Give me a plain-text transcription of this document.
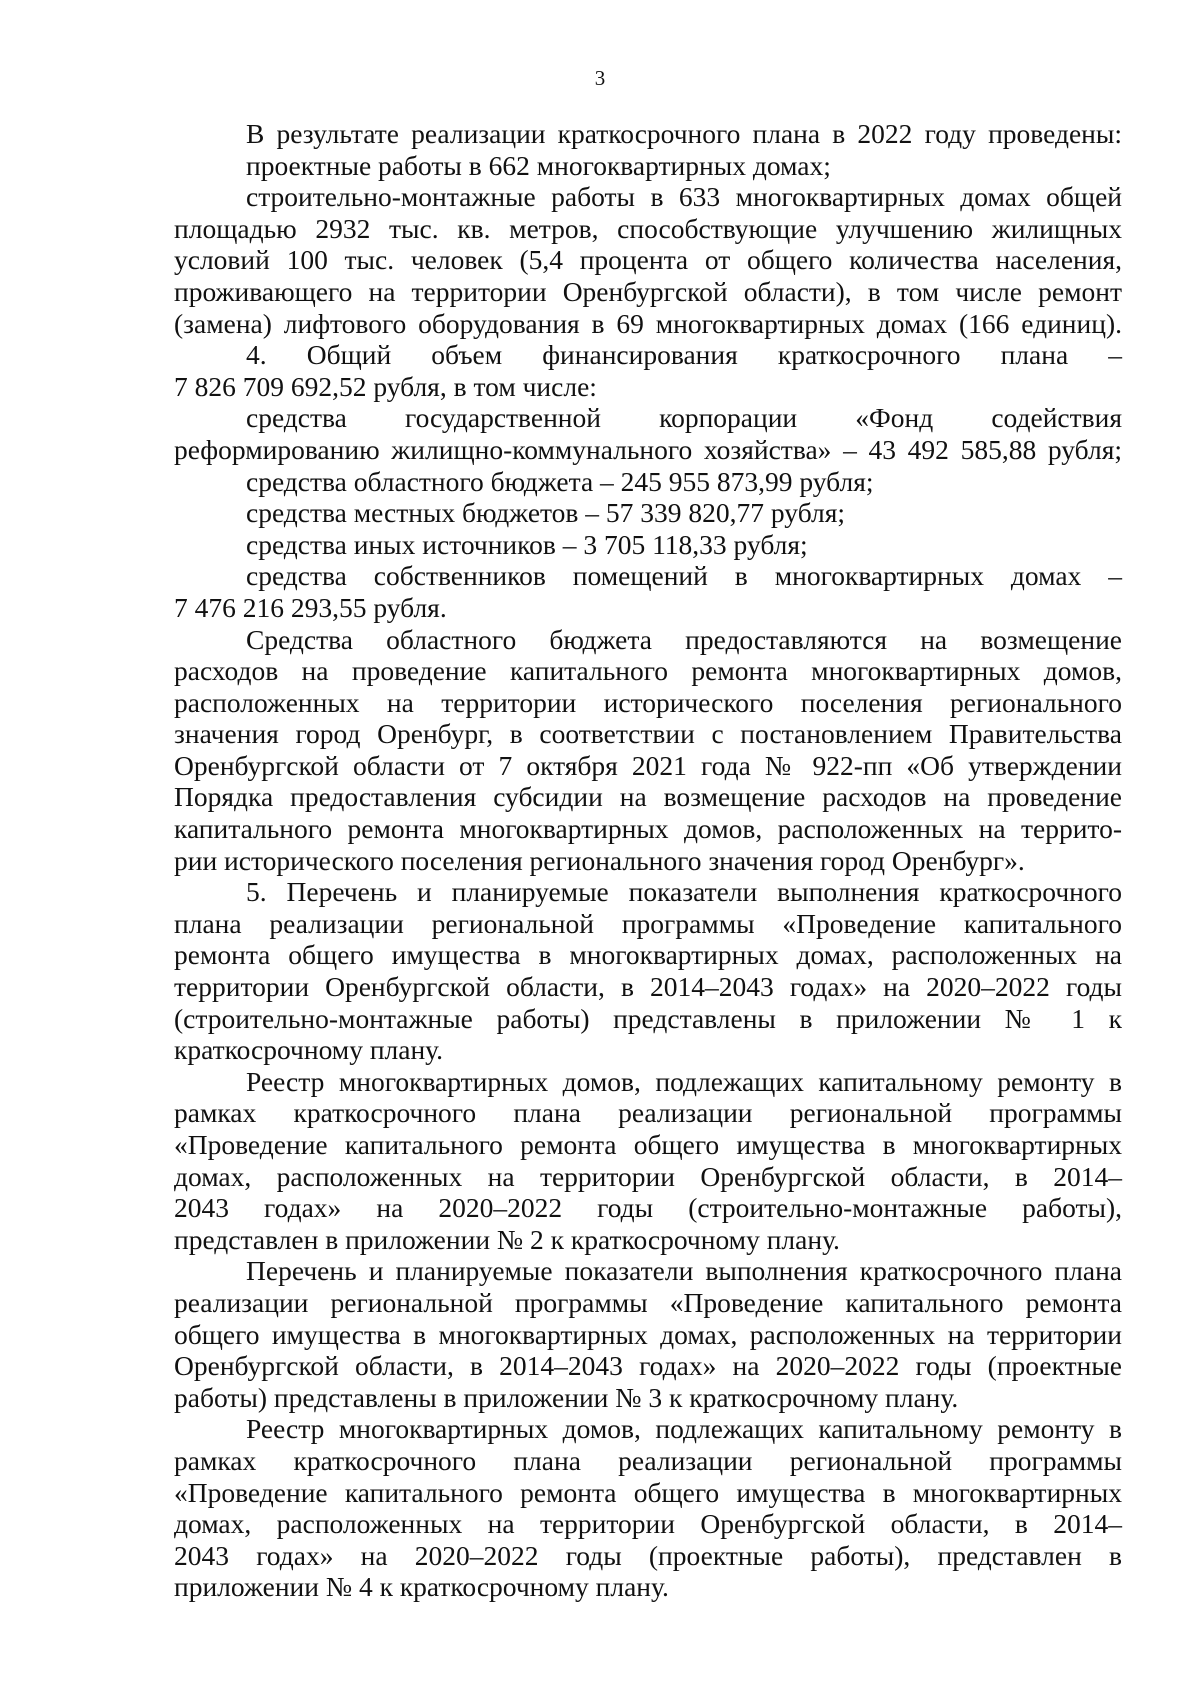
3
В результате реализации краткосрочного плана в 2022 году проведены:
проектные работы в 662 многоквартирных домах;
строительно-монтажные работы в 633 многоквартирных домах общей
площадью 2932 тыс. кв. метров, способствующие улучшению жилищных
условий 100 тыс. человек (5,4 процента от общего количества населения,
проживающего на территории Оренбургской области), в том числе ремонт
(замена) лифтового оборудования в 69 многоквартирных домах (166 единиц).
4. Общий объем финансирования краткосрочного плана –
7 826 709 692,52 рубля, в том числе:
средства государственной корпорации «Фонд содействия
реформированию жилищно-коммунального хозяйства» – 43 492 585,88 рубля;
средства областного бюджета – 245 955 873,99 рубля;
средства местных бюджетов – 57 339 820,77 рубля;
средства иных источников – 3 705 118,33 рубля;
средства собственников помещений в многоквартирных домах –
7 476 216 293,55 рубля.
Средства областного бюджета предоставляются на возмещение
расходов на проведение капитального ремонта многоквартирных домов,
расположенных на территории исторического поселения регионального
значения город Оренбург, в соответствии с постановлением Правительства
Оренбургской области от 7 октября 2021 года № 922-пп «Об утверждении
Порядка предоставления субсидии на возмещение расходов на проведение
капитального ремонта многоквартирных домов, расположенных на террито-
рии исторического поселения регионального значения город Оренбург».
5. Перечень и планируемые показатели выполнения краткосрочного
плана реализации региональной программы «Проведение капитального
ремонта общего имущества в многоквартирных домах, расположенных на
территории Оренбургской области, в 2014–2043 годах» на 2020–2022 годы
(строительно-монтажные работы) представлены в приложении № 1 к
краткосрочному плану.
Реестр многоквартирных домов, подлежащих капитальному ремонту в
рамках краткосрочного плана реализации региональной программы
«Проведение капитального ремонта общего имущества в многоквартирных
домах, расположенных на территории Оренбургской области, в 2014–
2043 годах» на 2020–2022 годы (строительно-монтажные работы),
представлен в приложении № 2 к краткосрочному плану.
Перечень и планируемые показатели выполнения краткосрочного плана
реализации региональной программы «Проведение капитального ремонта
общего имущества в многоквартирных домах, расположенных на территории
Оренбургской области, в 2014–2043 годах» на 2020–2022 годы (проектные
работы) представлены в приложении № 3 к краткосрочному плану.
Реестр многоквартирных домов, подлежащих капитальному ремонту в
рамках краткосрочного плана реализации региональной программы
«Проведение капитального ремонта общего имущества в многоквартирных
домах, расположенных на территории Оренбургской области, в 2014–
2043 годах» на 2020–2022 годы (проектные работы), представлен в
приложении № 4 к краткосрочному плану.
